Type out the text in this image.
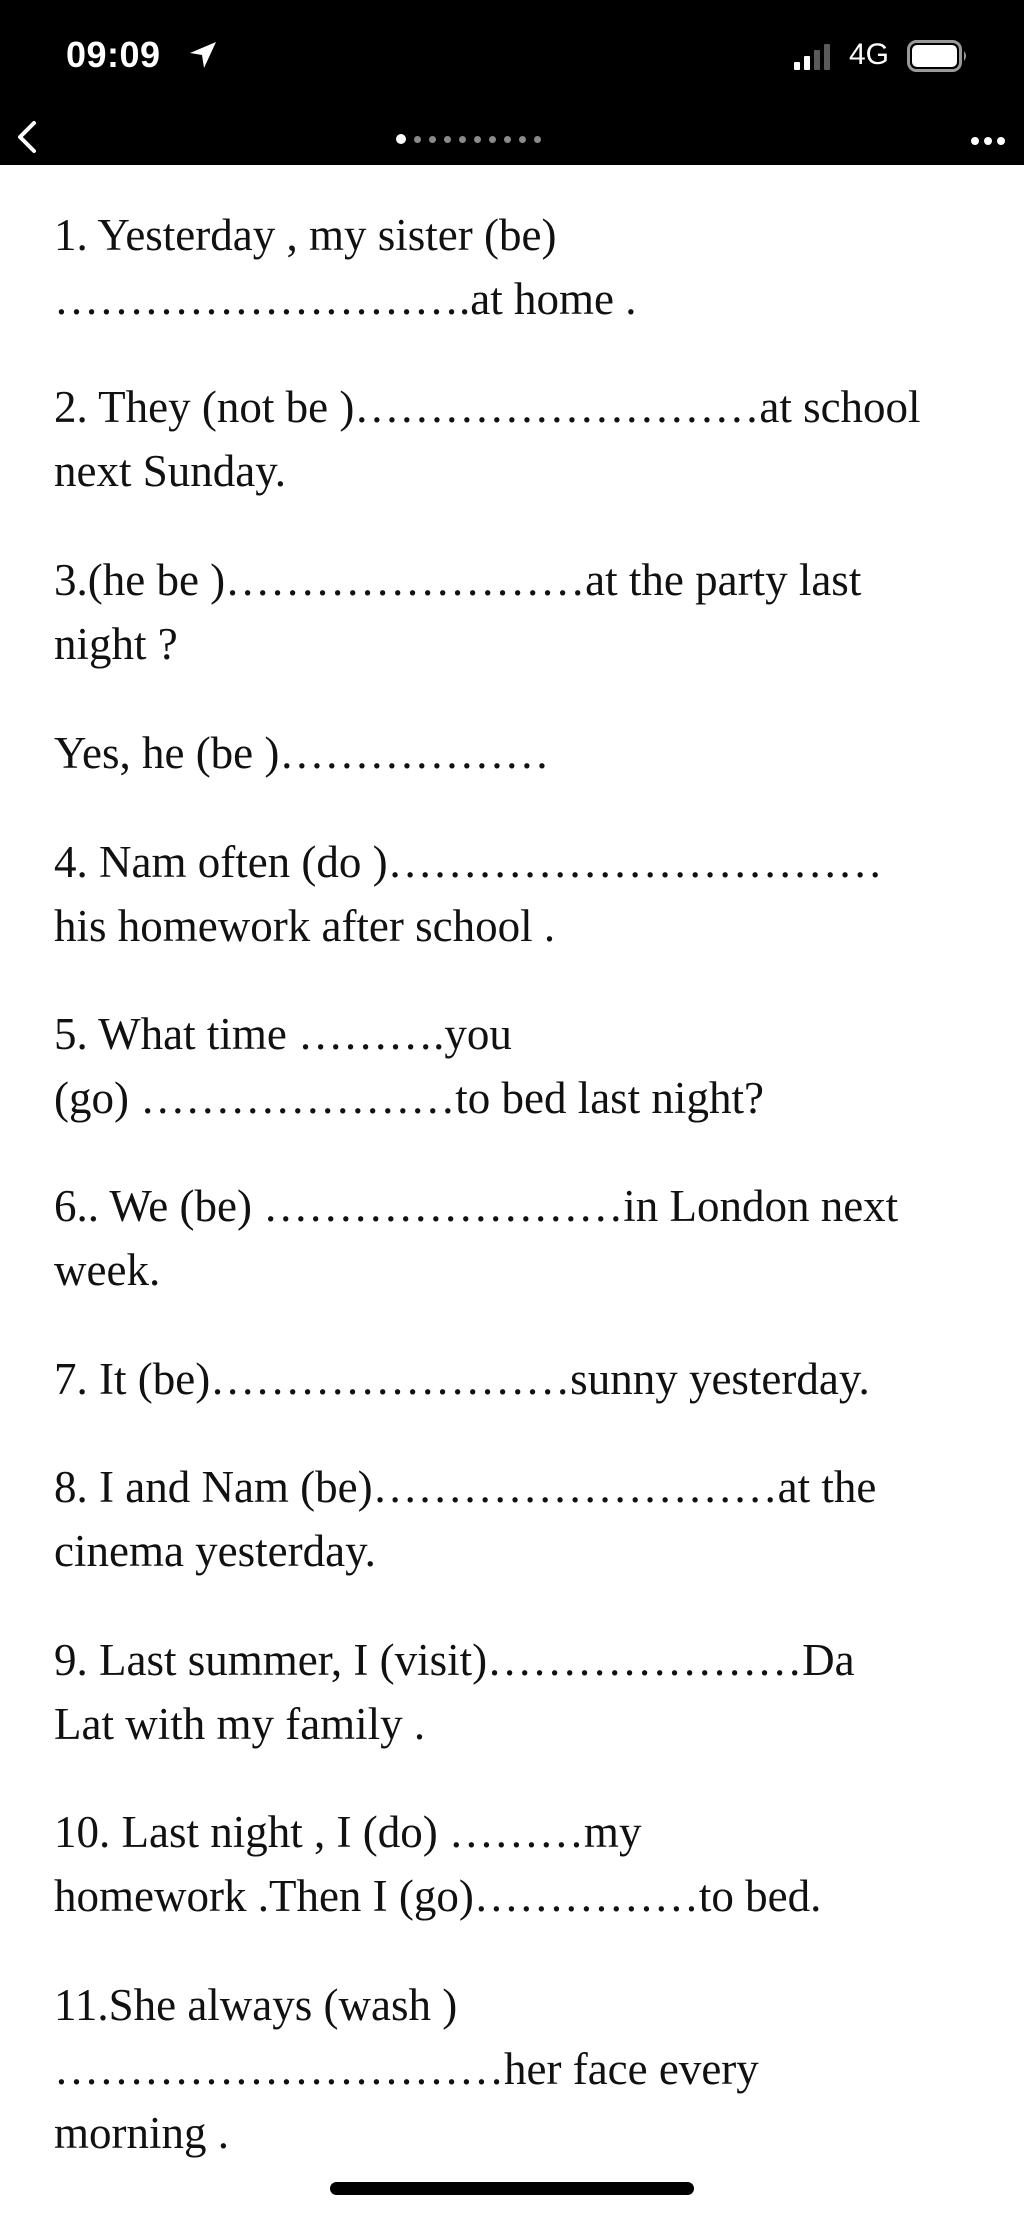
09:09	4G

1. Yesterday , my sister (be)
……………………….at home .

2. They (not be )………………………at school
next Sunday.

3.(he be )……………………at the party last
night ?

Yes, he (be )………………

4. Nam often (do )……………………………
his homework after school .

5. What time ……….you
(go) …………………to bed last night?

6.. We (be) ……………………in London next
week.

7. It (be)……………………sunny yesterday.

8. I and Nam (be)………………………at the
cinema yesterday.

9. Last summer, I (visit)…………………Da
Lat with my family .

10. Last night , I (do) ………my
homework .Then I (go)……………to bed.

11.She always (wash )
…………………………her face every
morning .
